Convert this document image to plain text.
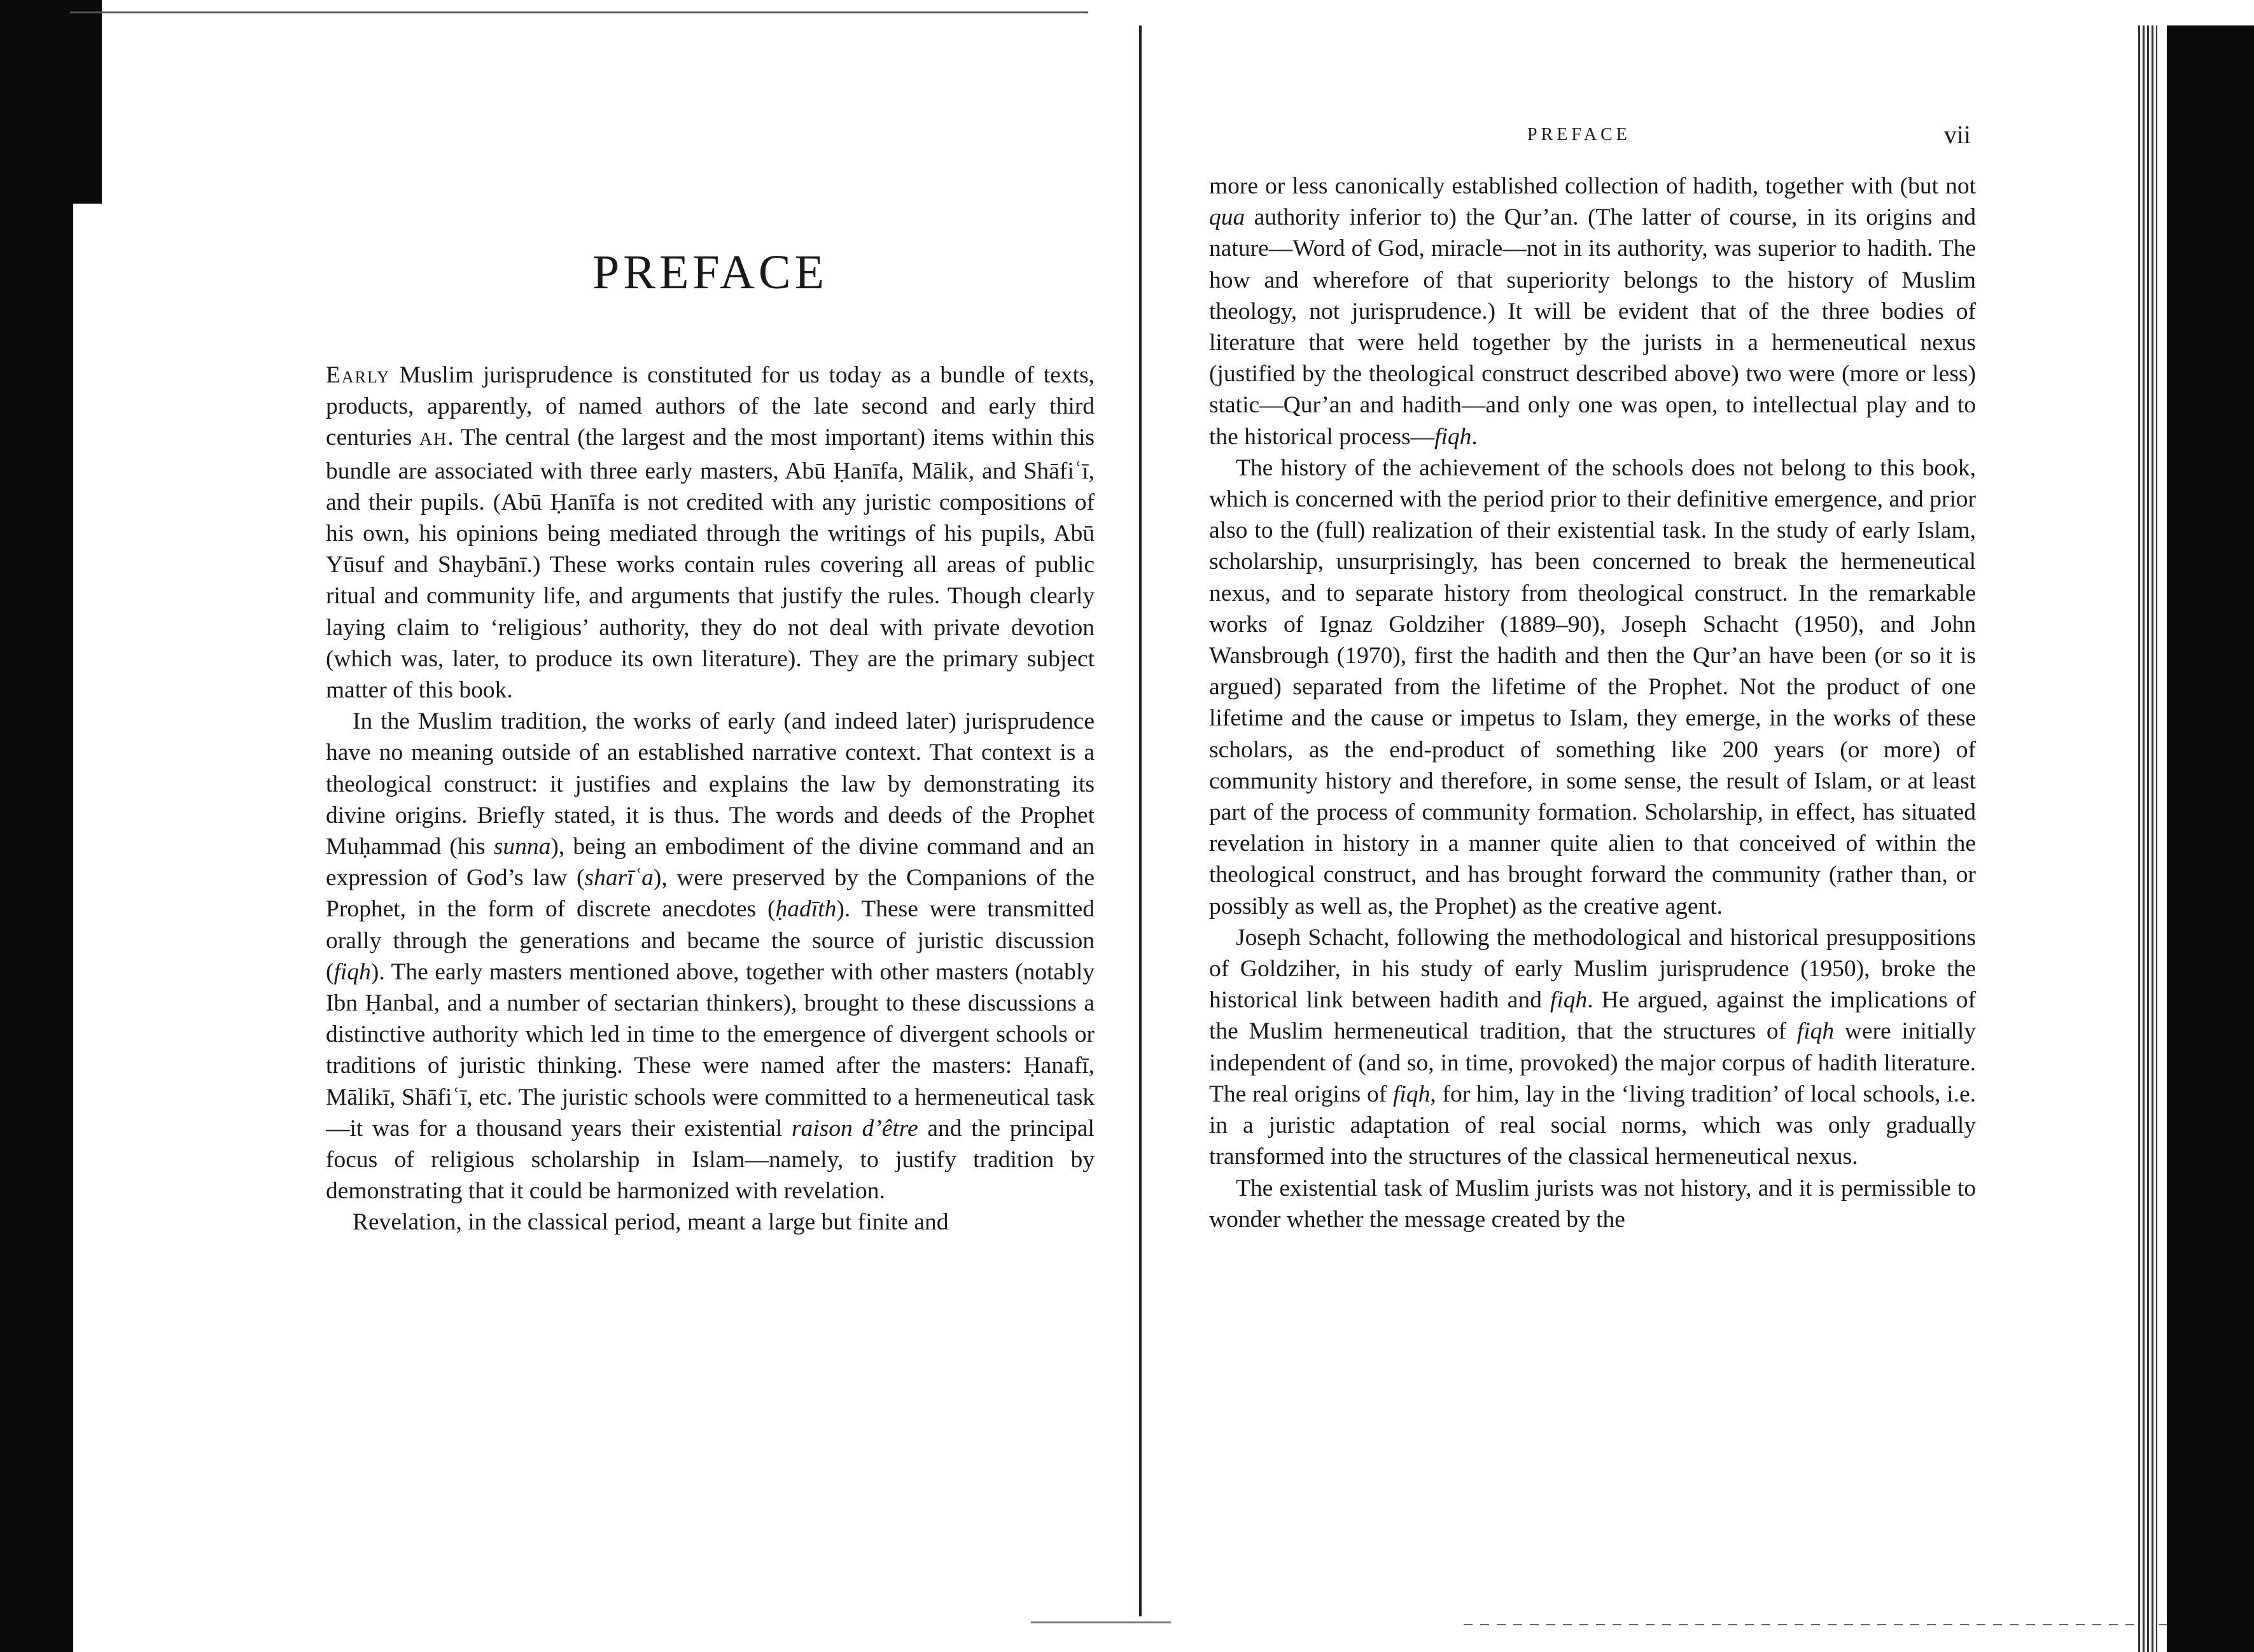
PREFACE

Early Muslim jurisprudence is constituted for us today as a bundle of texts, products, apparently, of named authors of the late second and early third centuries AH. The central (the largest and the most important) items within this bundle are associated with three early masters, Abū Ḥanīfa, Mālik, and Shāfiʿī, and their pupils. (Abū Ḥanīfa is not credited with any juristic compositions of his own, his opinions being mediated through the writings of his pupils, Abū Yūsuf and Shaybānī.) These works contain rules covering all areas of public ritual and community life, and arguments that justify the rules. Though clearly laying claim to ‘religious’ authority, they do not deal with private devotion (which was, later, to produce its own literature). They are the primary subject matter of this book.

In the Muslim tradition, the works of early (and indeed later) jurisprudence have no meaning outside of an established narrative context. That context is a theological construct: it justifies and explains the law by demonstrating its divine origins. Briefly stated, it is thus. The words and deeds of the Prophet Muḥammad (his sunna), being an embodiment of the divine command and an expression of God’s law (sharīʿa), were preserved by the Companions of the Prophet, in the form of discrete anecdotes (ḥadīth). These were transmitted orally through the generations and became the source of juristic discussion (fiqh). The early masters mentioned above, together with other masters (notably Ibn Ḥanbal, and a number of sectarian thinkers), brought to these discussions a distinctive authority which led in time to the emergence of divergent schools or traditions of juristic thinking. These were named after the masters: Ḥanafī, Mālikī, Shāfiʿī, etc. The juristic schools were committed to a hermeneutical task—it was for a thousand years their existential raison d’être and the principal focus of religious scholarship in Islam—namely, to justify tradition by demonstrating that it could be harmonized with revelation.

Revelation, in the classical period, meant a large but finite and

PREFACE	vii

more or less canonically established collection of hadith, together with (but not qua authority inferior to) the Qur’an. (The latter of course, in its origins and nature—Word of God, miracle—not in its authority, was superior to hadith. The how and wherefore of that superiority belongs to the history of Muslim theology, not jurisprudence.) It will be evident that of the three bodies of literature that were held together by the jurists in a hermeneutical nexus (justified by the theological construct described above) two were (more or less) static—Qur’an and hadith—and only one was open, to intellectual play and to the historical process—fiqh.

The history of the achievement of the schools does not belong to this book, which is concerned with the period prior to their definitive emergence, and prior also to the (full) realization of their existential task. In the study of early Islam, scholarship, unsurprisingly, has been concerned to break the hermeneutical nexus, and to separate history from theological construct. In the remarkable works of Ignaz Goldziher (1889–90), Joseph Schacht (1950), and John Wansbrough (1970), first the hadith and then the Qur’an have been (or so it is argued) separated from the lifetime of the Prophet. Not the product of one lifetime and the cause or impetus to Islam, they emerge, in the works of these scholars, as the end-product of something like 200 years (or more) of community history and therefore, in some sense, the result of Islam, or at least part of the process of community formation. Scholarship, in effect, has situated revelation in history in a manner quite alien to that conceived of within the theological construct, and has brought forward the community (rather than, or possibly as well as, the Prophet) as the creative agent.

Joseph Schacht, following the methodological and historical presuppositions of Goldziher, in his study of early Muslim jurisprudence (1950), broke the historical link between hadith and fiqh. He argued, against the implications of the Muslim hermeneutical tradition, that the structures of fiqh were initially independent of (and so, in time, provoked) the major corpus of hadith literature. The real origins of fiqh, for him, lay in the ‘living tradition’ of local schools, i.e. in a juristic adaptation of real social norms, which was only gradually transformed into the structures of the classical hermeneutical nexus.

The existential task of Muslim jurists was not history, and it is permissible to wonder whether the message created by the
